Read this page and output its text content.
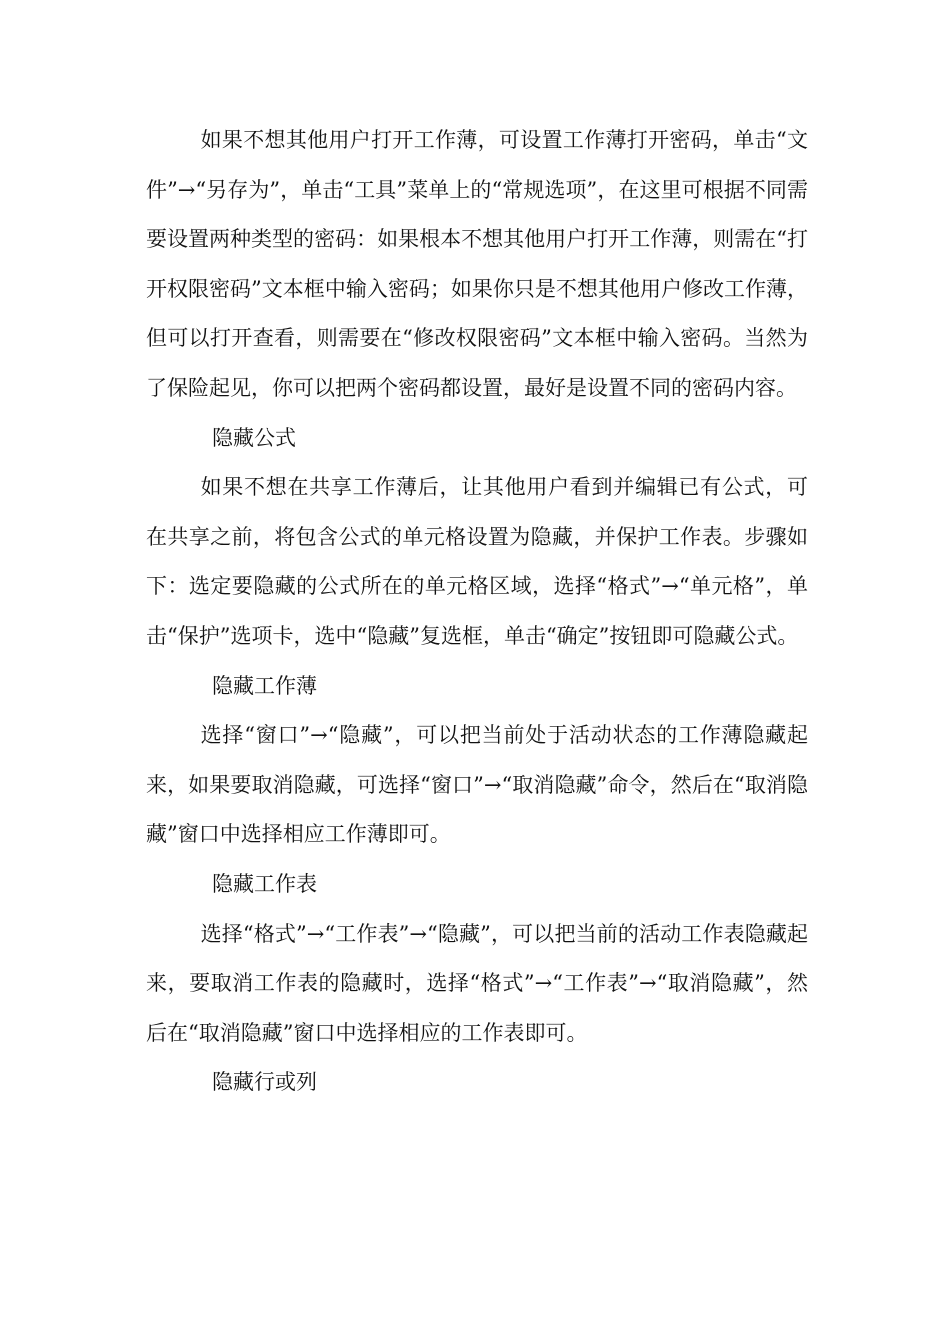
如果不想其他用户打开工作薄，可设置工作薄打开密码，单击“文件”→“另存为”，单击“工具”菜单上的“常规选项”，在这里可根据不同需要设置两种类型的密码：如果根本不想其他用户打开工作薄，则需在“打开权限密码”文本框中输入密码；如果你只是不想其他用户修改工作薄，但可以打开查看，则需要在“修改权限密码”文本框中输入密码。当然为了保险起见，你可以把两个密码都设置，最好是设置不同的密码内容。

隐藏公式

如果不想在共享工作薄后，让其他用户看到并编辑已有公式，可在共享之前，将包含公式的单元格设置为隐藏，并保护工作表。步骤如下：选定要隐藏的公式所在的单元格区域，选择“格式”→“单元格”，单击“保护”选项卡，选中“隐藏”复选框，单击“确定”按钮即可隐藏公式。

隐藏工作薄

选择“窗口”→“隐藏”，可以把当前处于活动状态的工作薄隐藏起来，如果要取消隐藏，可选择“窗口”→“取消隐藏”命令，然后在“取消隐藏”窗口中选择相应工作薄即可。

隐藏工作表

选择“格式”→“工作表”→“隐藏”，可以把当前的活动工作表隐藏起来，要取消工作表的隐藏时，选择“格式”→“工作表”→“取消隐藏”，然后在“取消隐藏”窗口中选择相应的工作表即可。

隐藏行或列
